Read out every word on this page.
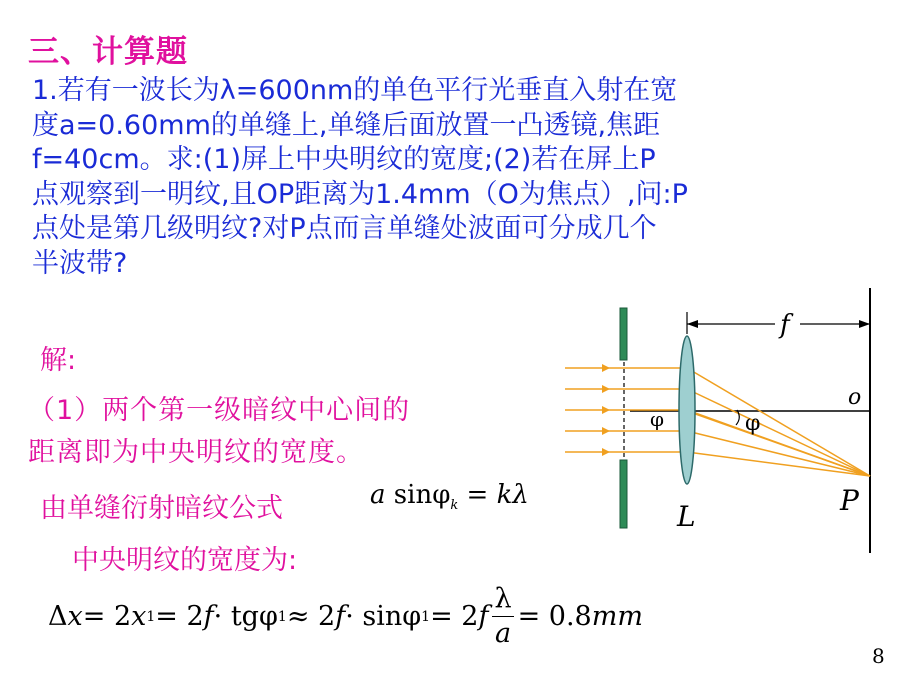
三、计算题
1.若有一波长为λ=600nm的单色平行光垂直入射在宽
度a=0.60mm的单缝上,单缝后面放置一凸透镜,焦距
f=40cm。求:(1)屏上中央明纹的宽度;(2)若在屏上P
点观察到一明纹,且OP距离为1.4mm（O为焦点）,问:P
点处是第几级明纹?对P点而言单缝处波面可分成几个
半波带?
解:
（1）两个第一级暗纹中心间的
距离即为中央明纹的宽度。
由单缝衍射暗纹公式
中央明纹的宽度为:
a sinφ$_k$ = kλ
Δ x = 2 x 1 = 2 f · tgφ 1 ≈ 2 f · sinφ 1 = 2 f $\frac{\lambda}{a} = 0.8$ mm
f
o
φ	φ
L	P
8
